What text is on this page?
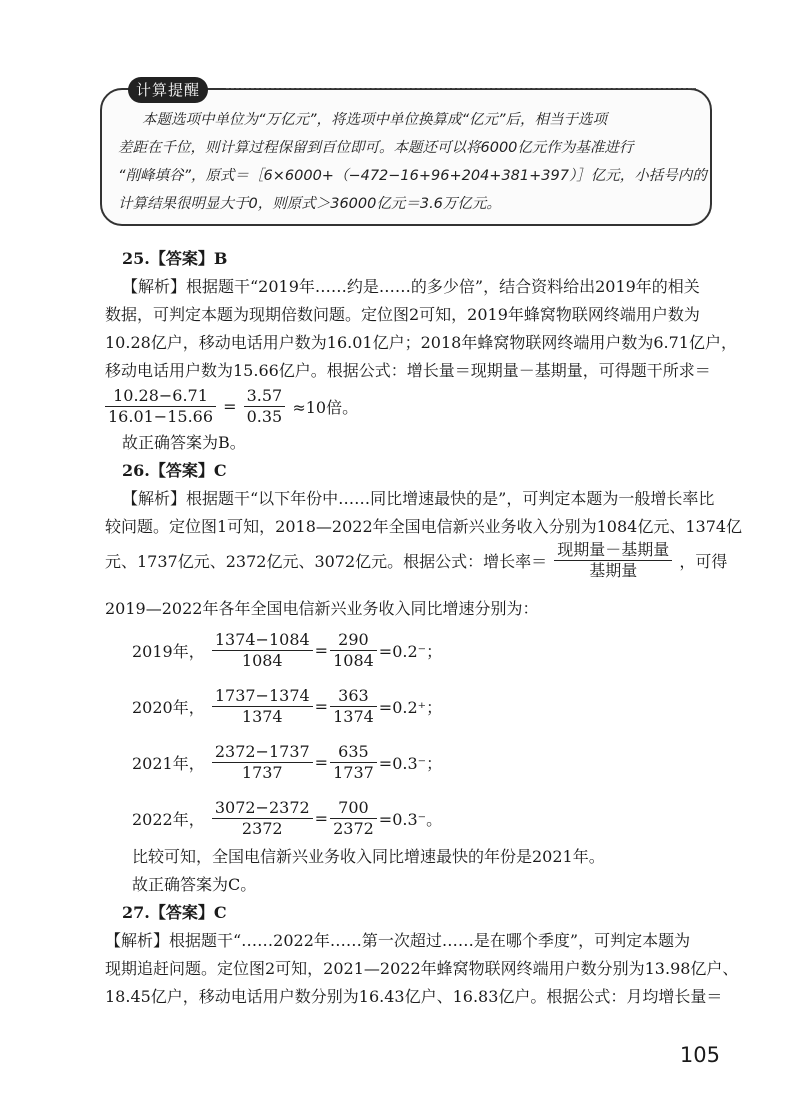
计算提醒

本题选项中单位为“万亿元”，将选项中单位换算成“亿元”后，相当于选项

差距在千位，则计算过程保留到百位即可。本题还可以将6000亿元作为基准进行

“削峰填谷”，原式＝［6×6000+（−472−16+96+204+381+397）］亿元，小括号内的

计算结果很明显大于0，则原式＞36000亿元＝3.6万亿元。

25.【答案】B
【解析】根据题干“2019年……约是……的多少倍”，结合资料给出2019年的相关
数据，可判定本题为现期倍数问题。定位图2可知，2019年蜂窝物联网终端用户数为
10.28亿户，移动电话用户数为16.01亿户；2018年蜂窝物联网终端用户数为6.71亿户，
移动电话用户数为15.66亿户。根据公式：增长量＝现期量－基期量，可得题干所求＝
$\frac{10.28-6.71}{16.01-15.66} = \frac{3.57}{0.35} \approx 10$倍。
故正确答案为B。
26.【答案】C
【解析】根据题干“以下年份中……同比增速最快的是”，可判定本题为一般增长率比
较问题。定位图1可知，2018—2022年全国电信新兴业务收入分别为1084亿元、1374亿
元、1737亿元、2372亿元、3072亿元。根据公式：增长率＝ $\frac{\text{现期量－基期量}}{\text{基期量}}$ ，可得
2019—2022年各年全国电信新兴业务收入同比增速分别为：
2019年， $\frac{1374-1084}{1084} = \frac{290}{1084} =0.2^-$；
2020年， $\frac{1737-1374}{1374} = \frac{363}{1374} =0.2^+$；
2021年， $\frac{2372-1737}{1737} = \frac{635}{1737} =0.3^-$；
2022年， $\frac{3072-2372}{2372} = \frac{700}{2372} =0.3^-$。
比较可知，全国电信新兴业务收入同比增速最快的年份是2021年。
故正确答案为C。
27.【答案】C
【解析】根据题干“……2022年……第一次超过……是在哪个季度”，可判定本题为
现期追赶问题。定位图2可知，2021—2022年蜂窝物联网终端用户数分别为13.98亿户、
18.45亿户，移动电话用户数分别为16.43亿户、16.83亿户。根据公式：月均增长量＝
105
